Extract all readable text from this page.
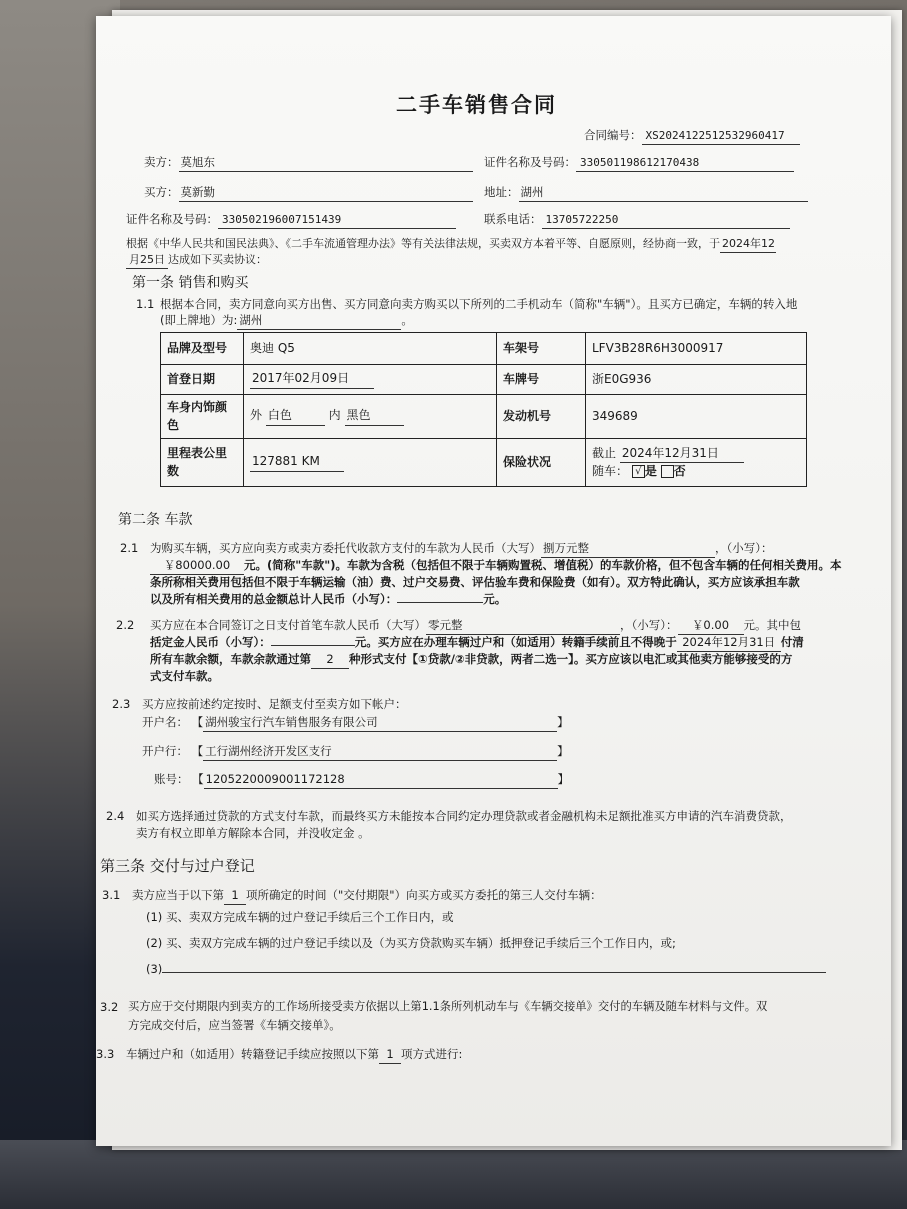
二手车销售合同
合同编号： XS2024122512532960417
卖方： 莫旭东	证件名称及号码： 330501198612170438
买方： 莫新勤	地址： 湖州
证件名称及号码： 330502196007151439	联系电话： 13705722250
根据《中华人民共和国民法典》、《二手车流通管理办法》等有关法律法规，买卖双方本着平等、自愿原则，经协商一致，于 2024年12
月25日 达成如下买卖协议：
第一条 销售和购买
1.1 根据本合同，卖方同意向买方出售、买方同意向卖方购买以下所列的二手机动车（简称"车辆"）。且买方已确定，车辆的转入地
(即上牌地）为: 湖州	。
品牌及型号	奥迪 Q5	车架号	LFV3B28R6H3000917
首登日期	2017年02月09日	车牌号	浙E0G936
车身内饰颜色	外 白色 内 黑色	发动机号	349689
里程表公里数	127881 KM	保险状况	截止 2024年12月31日
随车： √ 是 否
第二条 车款
2.1 为购买车辆，买方应向卖方或卖方委托代收款方支付的车款为人民币（大写） 捌万元整	，（小写）：
￥80000.00 元。(简称"车款")。车款为含税（包括但不限于车辆购置税、增值税）的车款价格，但不包含车辆的任何相关费用。本
条所称相关费用包括但不限于车辆运输（油）费、过户交易费、评估验车费和保险费（如有）。双方特此确认，买方应该承担车款
以及所有相关费用的总金额总计人民币（小写）：	元。
2.2 买方应在本合同签订之日支付首笔车款人民币（大写） 零元整	，（小写）： ￥0.00 元。其中包
括定金人民币（小写）：	元。买方应在办理车辆过户和（如适用）转籍手续前且不得晚于 2024年12月31日 付清
所有车款余额，车款余款通过第 2 种形式支付【①贷款/②非贷款，两者二选一】。买方应该以电汇或其他卖方能够接受的方
式支付车款。
2.3 买方应按前述约定按时、足额支付至卖方如下帐户：
开户名： 【 湖州骏宝行汽车销售服务有限公司	】
开户行： 【 工行湖州经济开发区支行	】
账号： 【 1205220009001172128	】
2.4 如买方选择通过贷款的方式支付车款，而最终买方未能按本合同约定办理贷款或者金融机构未足额批准买方申请的汽车消费贷款，
卖方有权立即单方解除本合同，并没收定金 。
第三条 交付与过户登记
3.1 卖方应当于以下第 1 项所确定的时间（"交付期限"）向买方或买方委托的第三人交付车辆：
(1) 买、卖双方完成车辆的过户登记手续后三个工作日内，或
(2) 买、卖双方完成车辆的过户登记手续以及（为买方贷款购买车辆）抵押登记手续后三个工作日内，或;
(3)
3.2 买方应于交付期限内到卖方的工作场所接受卖方依据以上第1.1条所列机动车与《车辆交接单》交付的车辆及随车材料与文件。双
方完成交付后，应当签署《车辆交接单》。
3.3 车辆过户和（如适用）转籍登记手续应按照以下第 1 项方式进行:
